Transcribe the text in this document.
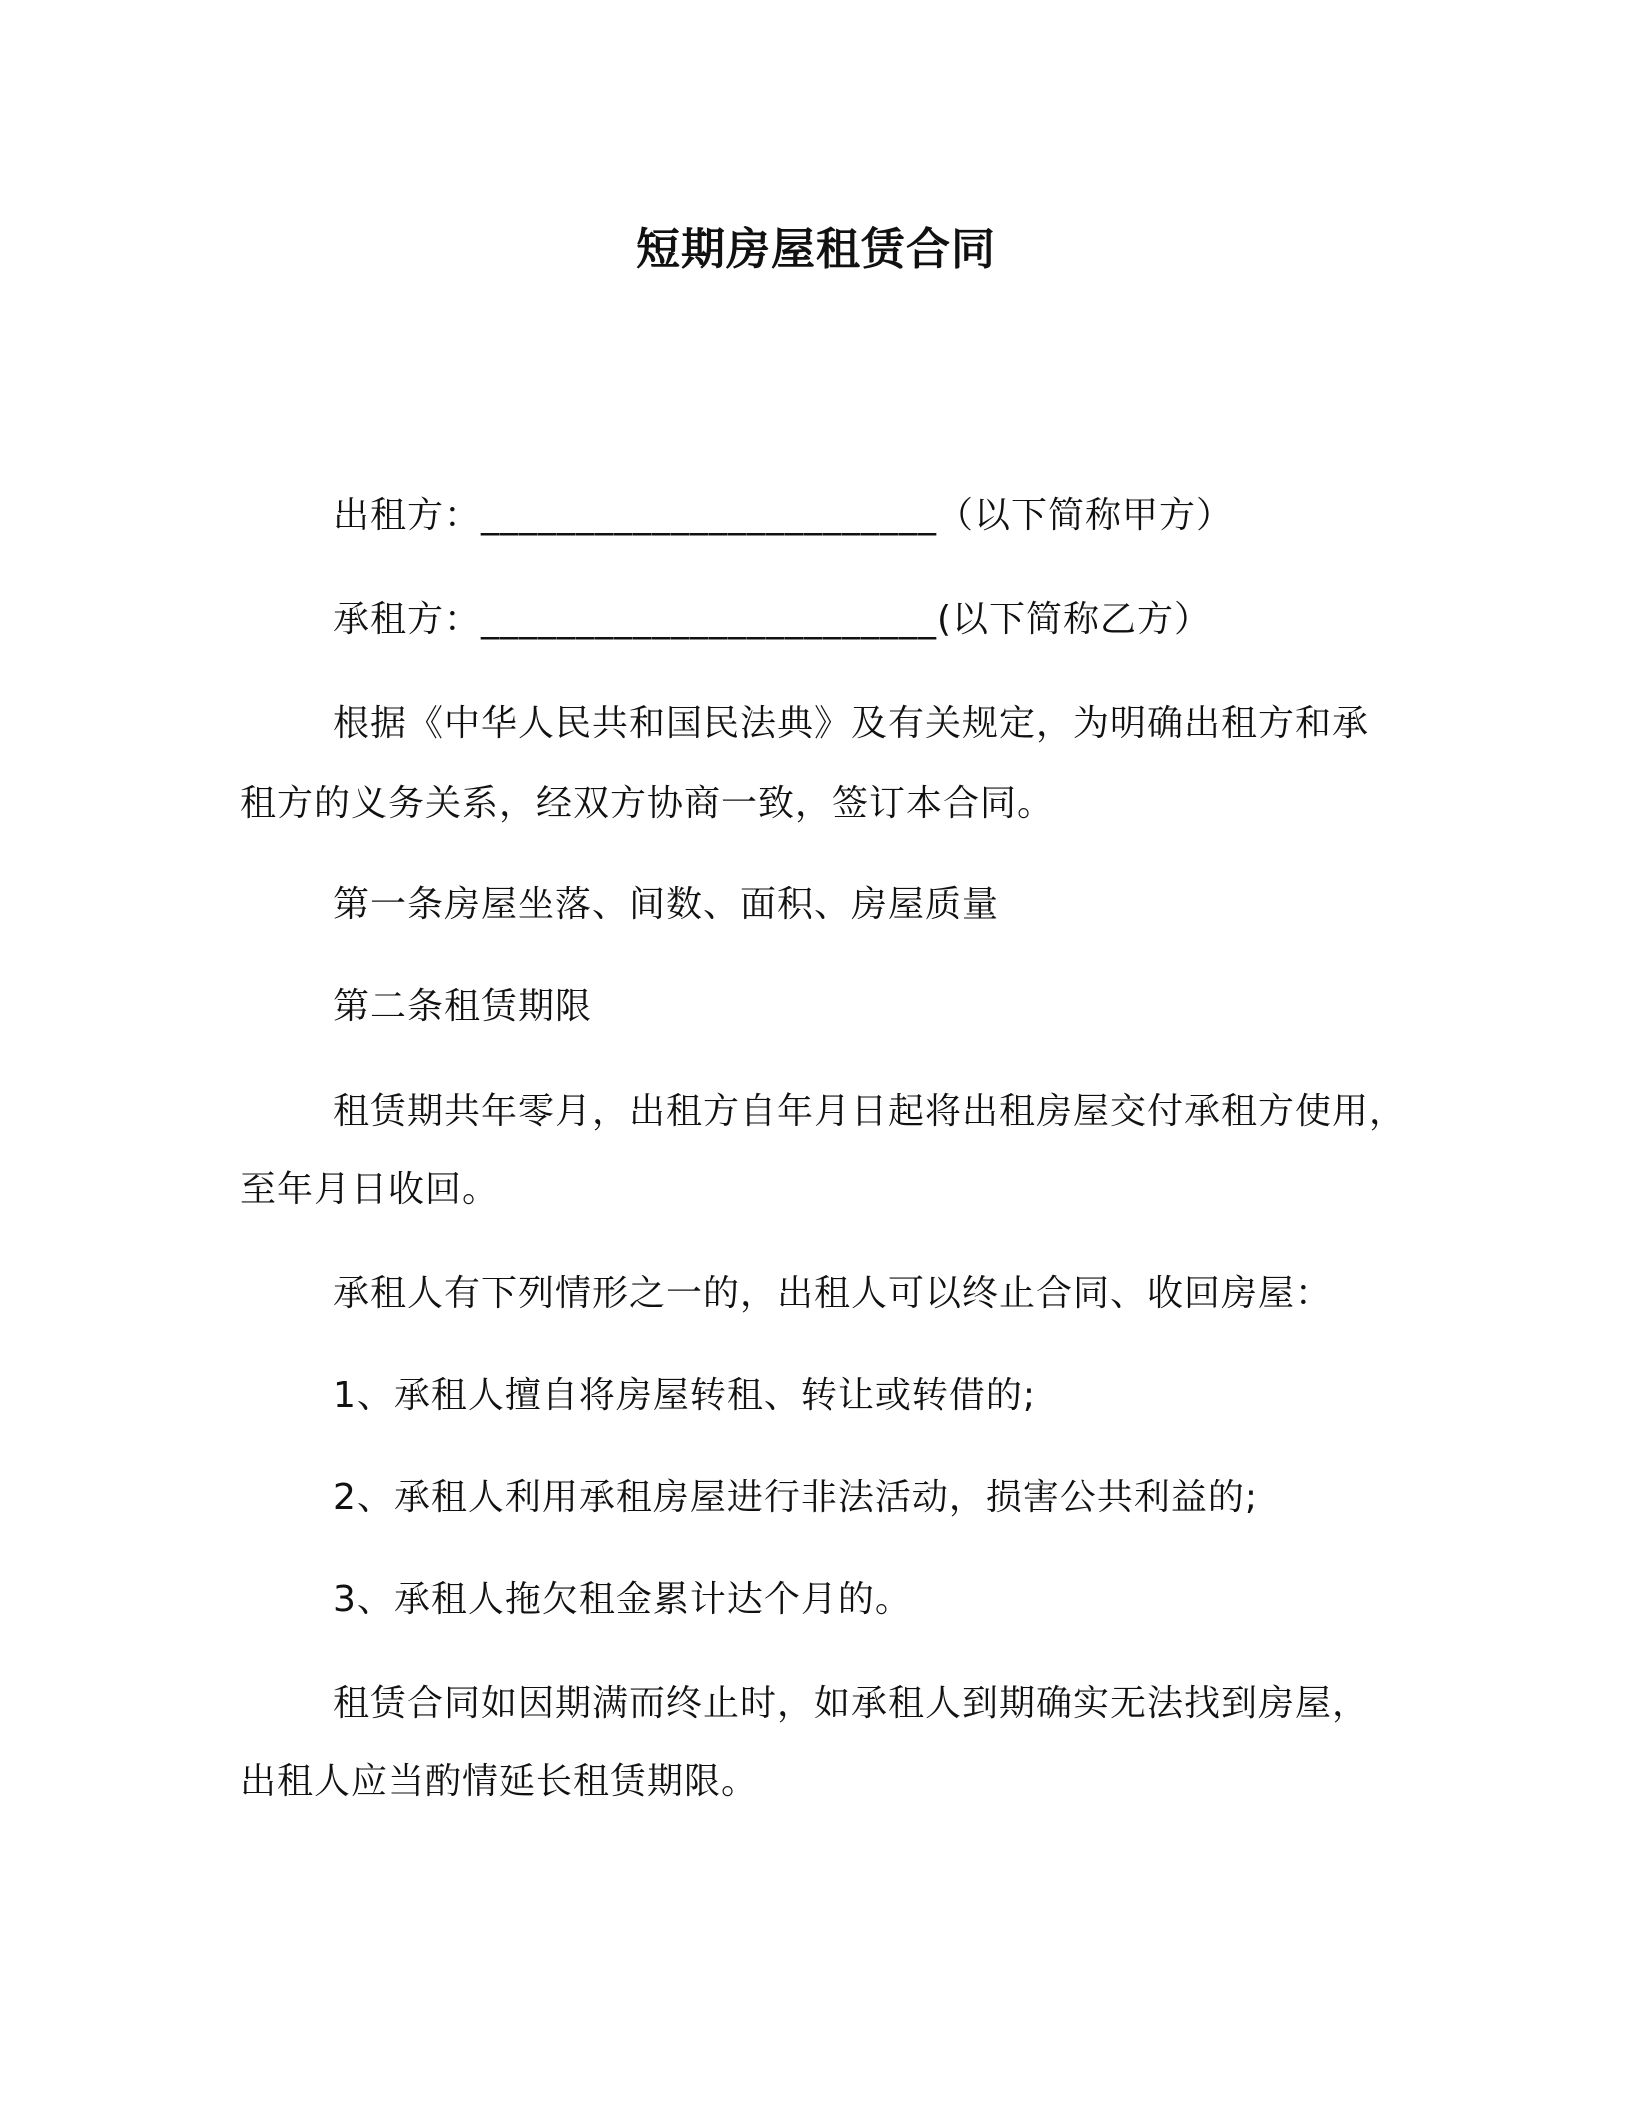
短期房屋租赁合同
出租方：________________________（以下简称甲方）
承租方：________________________(以下简称乙方）
根据《中华人民共和国民法典》及有关规定，为明确出租方和承
租方的义务关系，经双方协商一致，签订本合同。
第一条房屋坐落、间数、面积、房屋质量
第二条租赁期限
租赁期共年零月，出租方自年月日起将出租房屋交付承租方使用，
至年月日收回。
承租人有下列情形之一的，出租人可以终止合同、收回房屋：
1、承租人擅自将房屋转租、转让或转借的;
2、承租人利用承租房屋进行非法活动，损害公共利益的;
3、承租人拖欠租金累计达个月的。
租赁合同如因期满而终止时，如承租人到期确实无法找到房屋，
出租人应当酌情延长租赁期限。
